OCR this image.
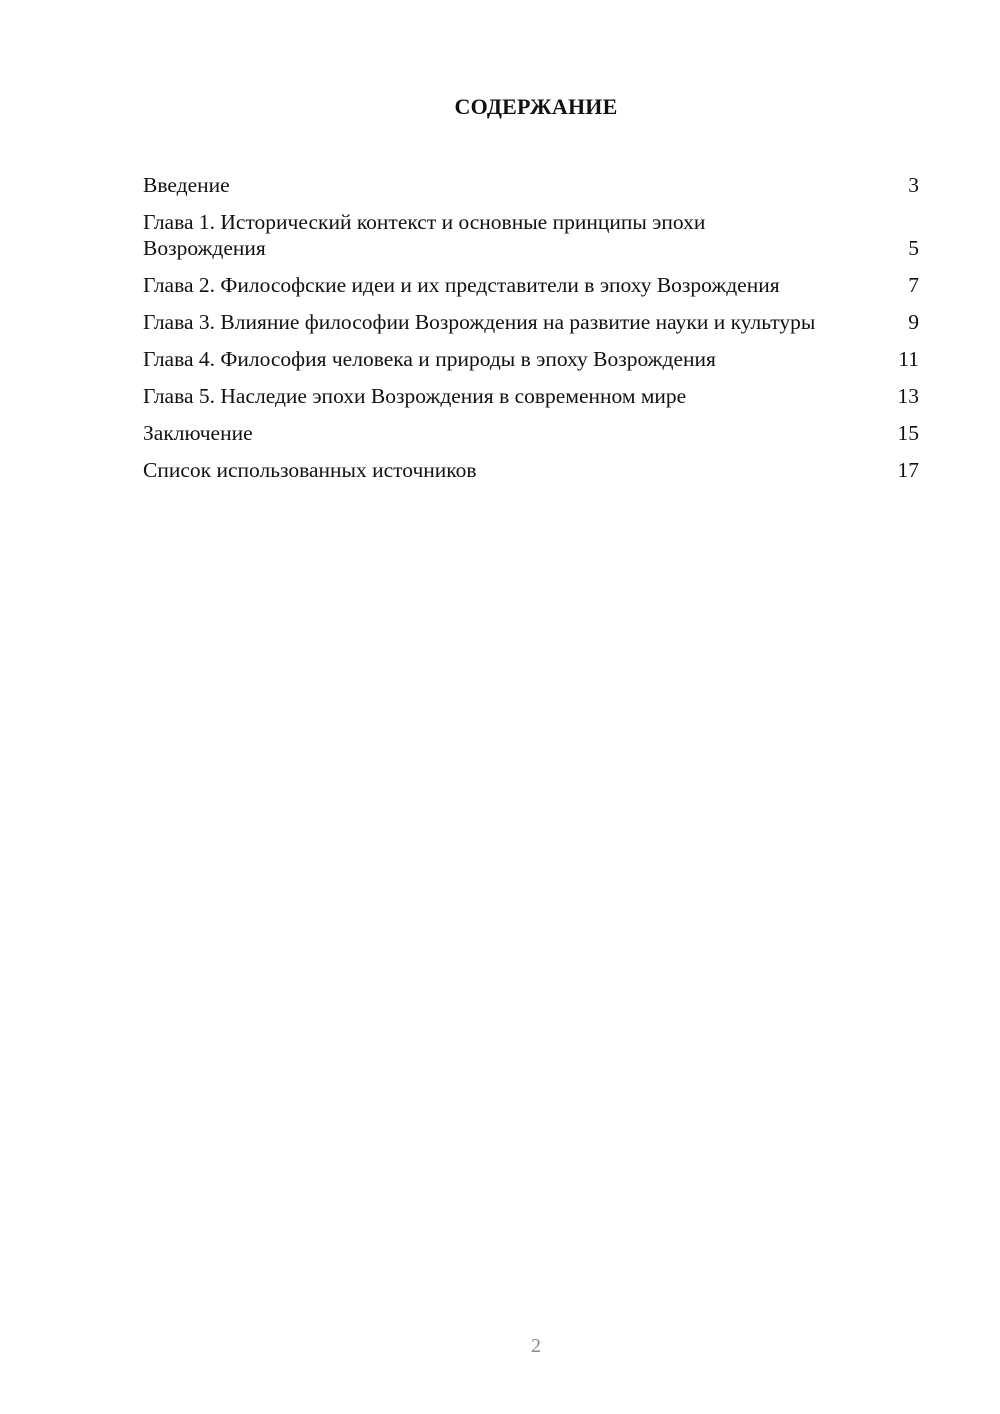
СОДЕРЖАНИЕ
Введение	3
Глава 1. Исторический контекст и основные принципы эпохи Возрождения	5
Глава 2. Философские идеи и их представители в эпоху Возрождения	7
Глава 3. Влияние философии Возрождения на развитие науки и культуры	9
Глава 4. Философия человека и природы в эпоху Возрождения	11
Глава 5. Наследие эпохи Возрождения в современном мире	13
Заключение	15
Список использованных источников	17
2
